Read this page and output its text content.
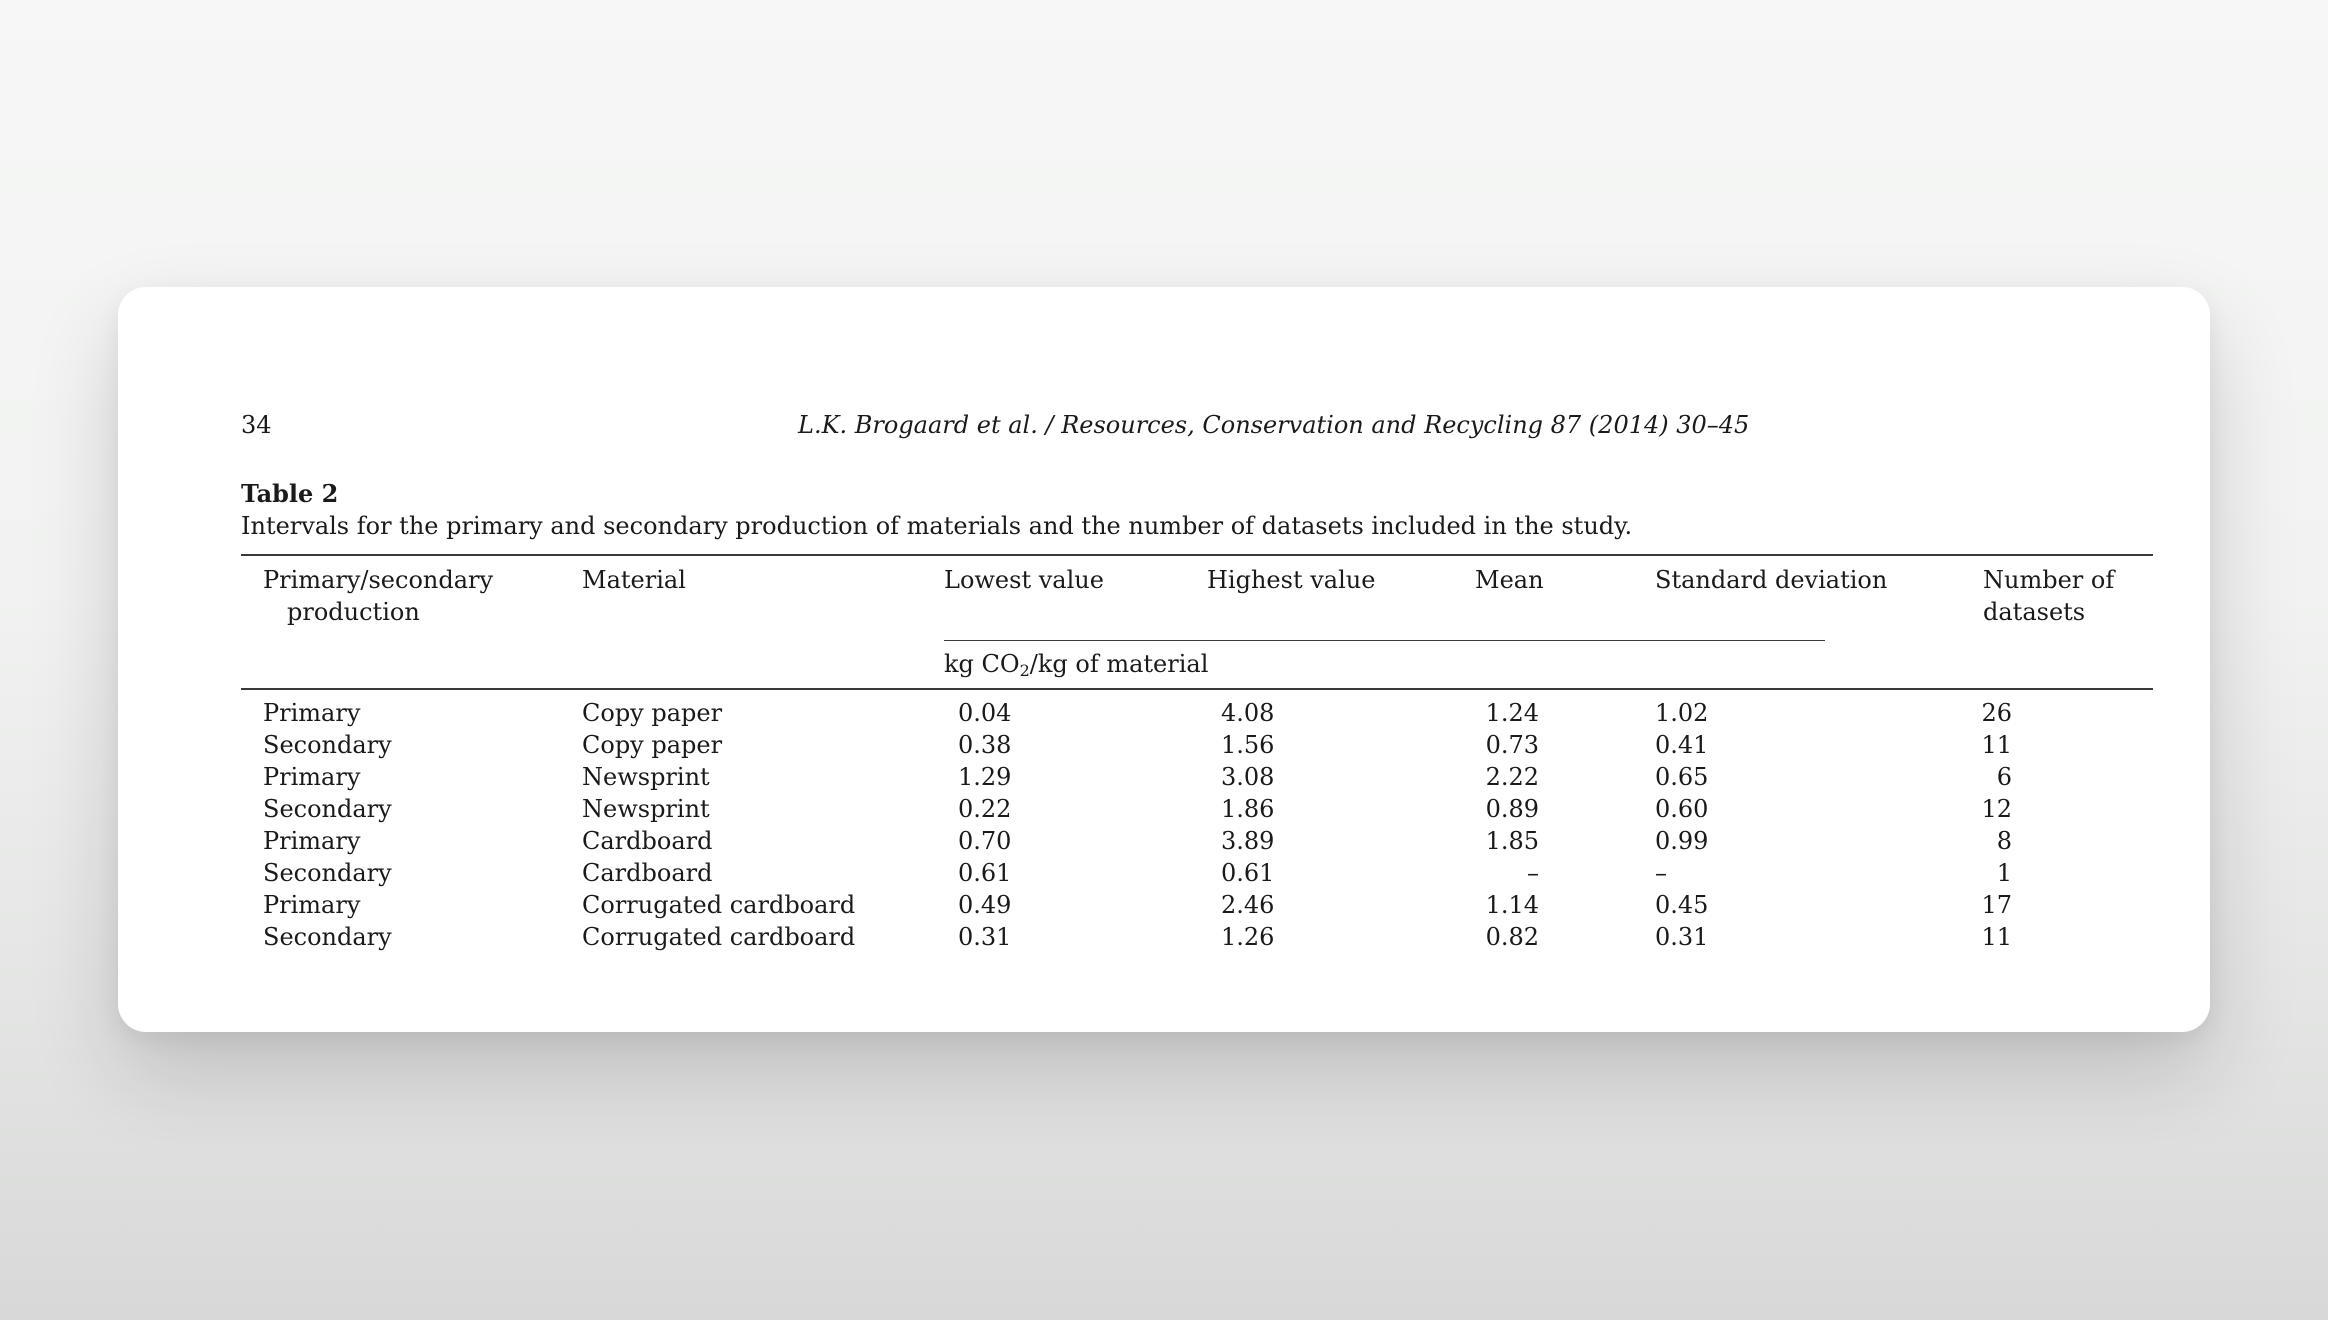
34	L.K. Brogaard et al. / Resources, Conservation and Recycling 87 (2014) 30–45
Table 2
Intervals for the primary and secondary production of materials and the number of datasets included in the study.
Primary/secondary
production
Material	Lowest value	Highest value	Mean	Standard deviation	Number of
datasets
kg $CO_2/kg$ of material
Primary	Copy paper	0.04	4.08	1.24	1.02	26
Secondary	Copy paper	0.38	1.56	0.73	0.41	11
Primary	Newsprint	1.29	3.08	2.22	0.65	6
Secondary	Newsprint	0.22	1.86	0.89	0.60	12
Primary	Cardboard	0.70	3.89	1.85	0.99	8
Secondary	Cardboard	0.61	0.61	–	–	1
Primary	Corrugated cardboard	0.49	2.46	1.14	0.45	17
Secondary	Corrugated cardboard	0.31	1.26	0.82	0.31	11
